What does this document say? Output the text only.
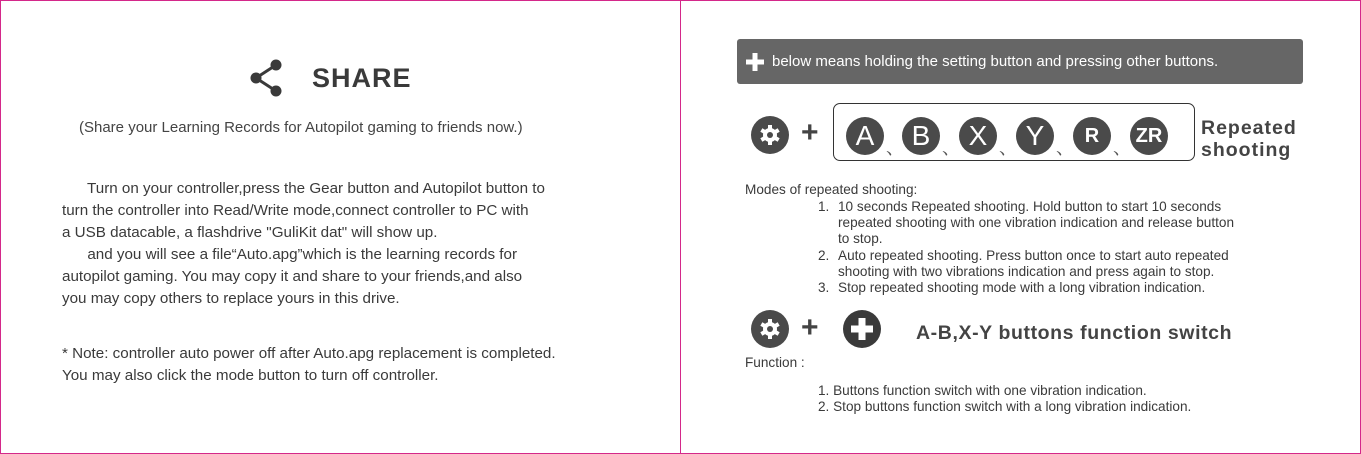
SHARE
(Share your Learning Records for Autopilot gaming to friends now.)
Turn on your controller,press the Gear button and Autopilot button to
turn the controller into Read/Write mode,connect controller to PC with
a USB datacable, a flashdrive "GuliKit dat" will show up.
and you will see a file“Auto.apg”which is the learning records for
autopilot gaming. You may copy it and share to your friends,and also
you may copy others to replace yours in this drive.
* Note: controller auto power off after Auto.apg replacement is completed.
You may also click the mode button to turn off controller.
below means holding the setting button and pressing other buttons.
+	A 、 B 、 X 、 Y 、
R
、
ZR Repeated
shooting
Modes of repeated shooting:
1. 10 seconds Repeated shooting. Hold button to start 10 seconds
repeated shooting with one vibration indication and release button
to stop.
2. Auto repeated shooting. Press button once to start auto repeated
shooting with two vibrations indication and press again to stop.
3. Stop repeated shooting mode with a long vibration indication.
+	A-B,X-Y buttons function switch
Function :
1. Buttons function switch with one vibration indication.
2. Stop buttons function switch with a long vibration indication.
